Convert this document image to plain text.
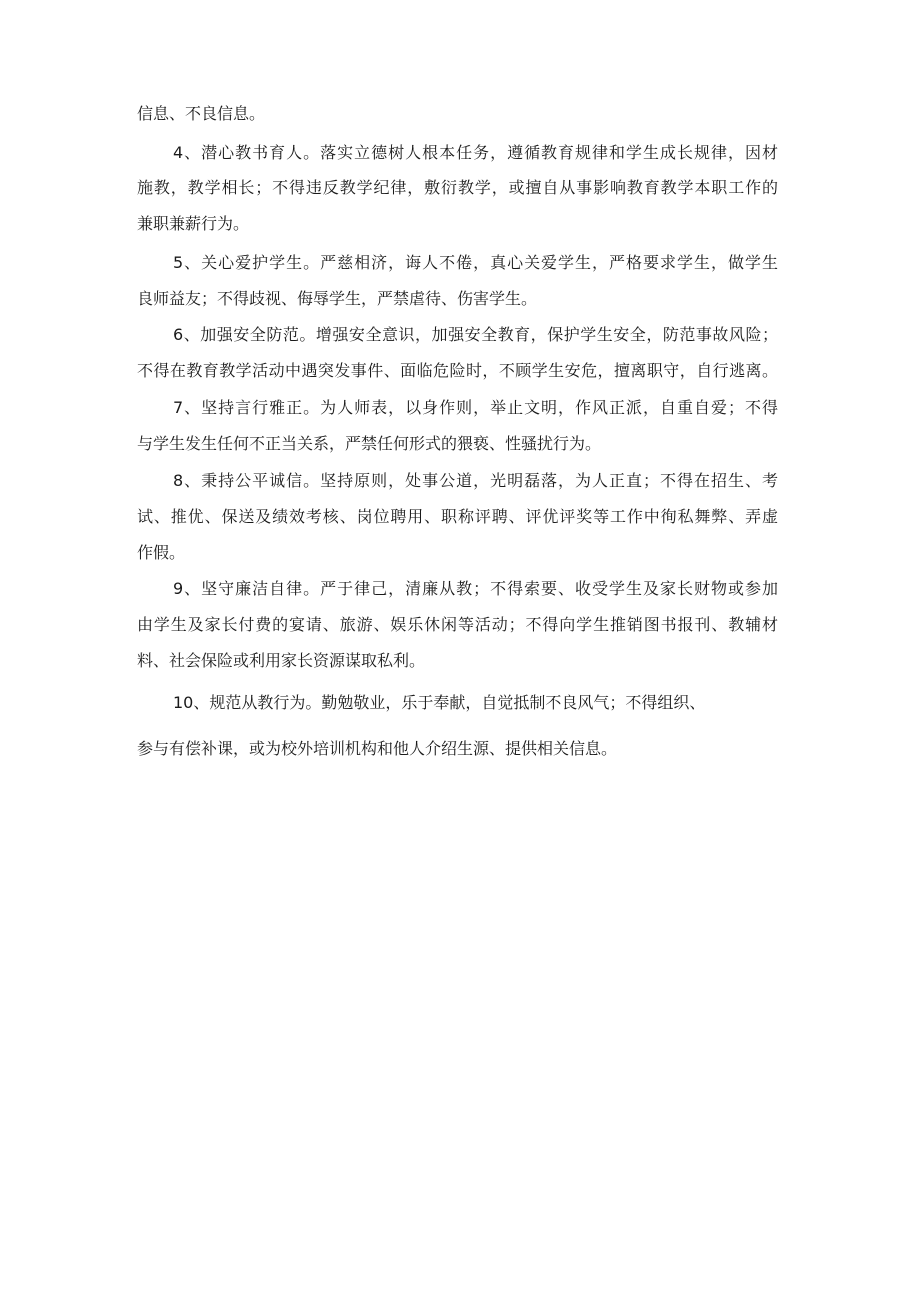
信息、不良信息。

4、潜心教书育人。落实立德树人根本任务，遵循教育规律和学生成长规律，因材

施教，教学相长；不得违反教学纪律，敷衍教学，或擅自从事影响教育教学本职工作的

兼职兼薪行为。

5、关心爱护学生。严慈相济，诲人不倦，真心关爱学生，严格要求学生，做学生

良师益友；不得歧视、侮辱学生，严禁虐待、伤害学生。

6、加强安全防范。增强安全意识，加强安全教育，保护学生安全，防范事故风险；

不得在教育教学活动中遇突发事件、面临危险时，不顾学生安危，擅离职守，自行逃离。

7、坚持言行雅正。为人师表，以身作则，举止文明，作风正派，自重自爱；不得

与学生发生任何不正当关系，严禁任何形式的猥亵、性骚扰行为。

8、秉持公平诚信。坚持原则，处事公道，光明磊落，为人正直；不得在招生、考

试、推优、保送及绩效考核、岗位聘用、职称评聘、评优评奖等工作中徇私舞弊、弄虚

作假。

9、坚守廉洁自律。严于律己，清廉从教；不得索要、收受学生及家长财物或参加

由学生及家长付费的宴请、旅游、娱乐休闲等活动；不得向学生推销图书报刊、教辅材

料、社会保险或利用家长资源谋取私利。

10、规范从教行为。勤勉敬业，乐于奉献，自觉抵制不良风气；不得组织、

参与有偿补课，或为校外培训机构和他人介绍生源、提供相关信息。
